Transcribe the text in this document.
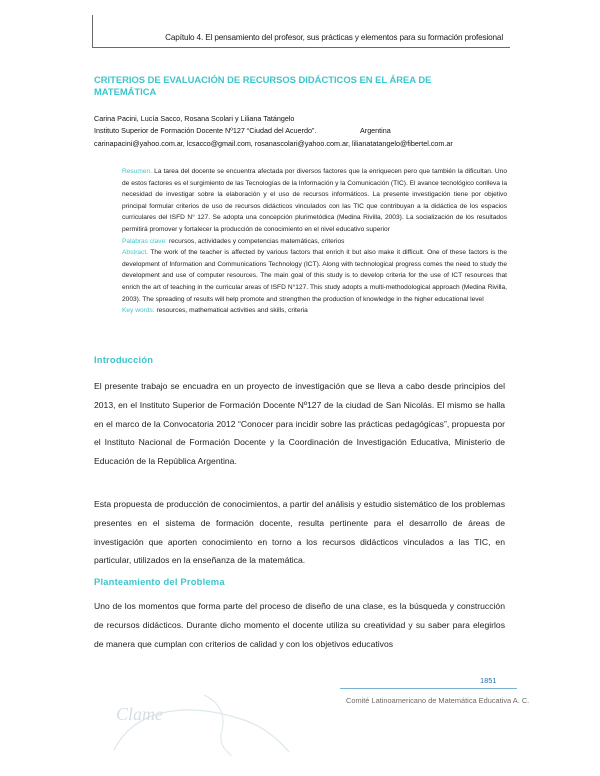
Capítulo 4. El pensamiento del profesor, sus prácticas y elementos para su formación profesional
CRITERIOS DE EVALUACIÓN DE RECURSOS DIDÁCTICOS EN EL ÁREA DE MATEMÁTICA
Carina Pacini, Lucía Sacco, Rosana Scolari y Liliana Tatángelo
Instituto Superior de Formación Docente Nº127 “Ciudad del Acuerdo”.	Argentina
carinapacini@yahoo.com.ar, lcsacco@gmail.com, rosanascolari@yahoo.com.ar, lilianatatangelo@fibertel.com.ar
Resumen. La tarea del docente se encuentra afectada por diversos factores que la enriquecen pero que también la dificultan. Uno de estos factores es el surgimiento de las Tecnologías de la Información y la Comunicación (TIC). El avance tecnológico conlleva la necesidad de investigar sobre la elaboración y el uso de recursos informáticos. La presente investigación tiene por objetivo principal formular criterios de uso de recursos didácticos vinculados con las TIC que contribuyan a la didáctica de los espacios curriculares del ISFD N° 127. Se adopta una concepción plurimetódica (Medina Rivilla, 2003). La socialización de los resultados permitirá promover y fortalecer la producción de conocimiento en el nivel educativo superior
Palabras clave: recursos, actividades y competencias matemáticas, criterios
Abstract. The work of the teacher is affected by various factors that enrich it but also make it difficult. One of these factors is the development of Information and Communications Technology (ICT). Along with technological progress comes the need to study the development and use of computer resources. The main goal of this study is to develop criteria for the use of ICT resources that enrich the art of teaching in the curricular areas of ISFD N°127. This study adopts a multi-methodological approach (Medina Rivilla, 2003). The spreading of results will help promote and strengthen the production of knowledge in the higher educational level
Key words: resources, mathematical activities and skills, criteria
Introducción
El presente trabajo se encuadra en un proyecto de investigación que se lleva a cabo desde principios del 2013, en el Instituto Superior de Formación Docente Nº127 de la ciudad de San Nicolás. El mismo se halla en el marco de la Convocatoria 2012 “Conocer para incidir sobre las prácticas pedagógicas”, propuesta por el Instituto Nacional de Formación Docente y la Coordinación de Investigación Educativa, Ministerio de Educación de la República Argentina.
Esta propuesta de producción de conocimientos, a partir del análisis y estudio sistemático de los problemas presentes en el sistema de formación docente, resulta pertinente para el desarrollo de áreas de investigación que aporten conocimiento en torno a los recursos didácticos vinculados a las TIC, en particular, utilizados en la enseñanza de la matemática.
Planteamiento del Problema
Uno de los momentos que forma parte del proceso de diseño de una clase, es la búsqueda y construcción de recursos didácticos. Durante dicho momento el docente utiliza su creatividad y su saber para elegirlos de manera que cumplan con criterios de calidad y con los objetivos educativos
1851
Comité Latinoamericano de Matemática Educativa A. C.
Clame
